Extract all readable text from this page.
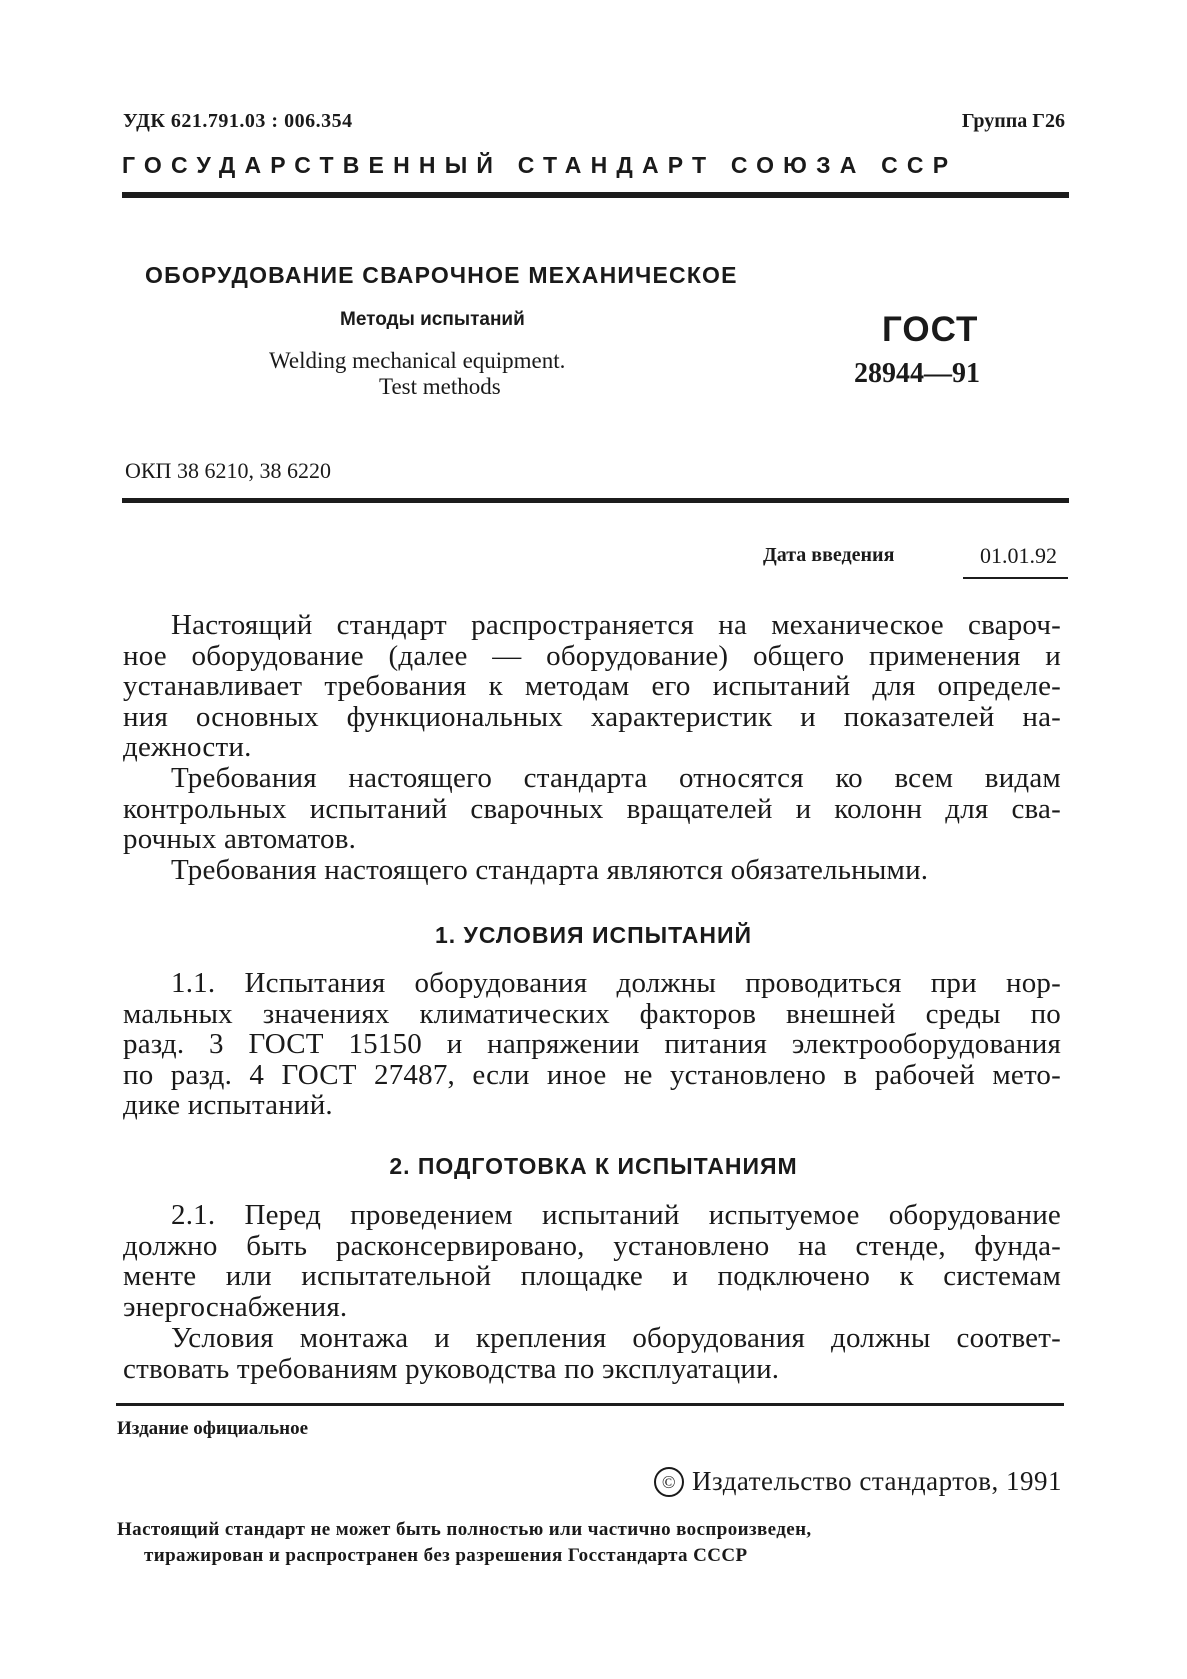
УДК 621.791.03 : 006.354	Группа Г26
ГОСУДАРСТВЕННЫЙ СТАНДАРТ СОЮЗА ССР
ОБОРУДОВАНИЕ СВАРОЧНОЕ МЕХАНИЧЕСКОЕ
Методы испытаний
Welding mechanical equipment.
Test methods
ГОСТ
28944—91
ОКП 38 6210, 38 6220
Дата введения	01.01.92
Настоящий стандарт распространяется на механическое свароч-
ное оборудование (далее — оборудование) общего применения и
устанавливает требования к методам его испытаний для определе-
ния основных функциональных характеристик и показателей на-
дежности.
Требования настоящего стандарта относятся ко всем видам
контрольных испытаний сварочных вращателей и колонн для сва-
рочных автоматов.
Требования настоящего стандарта являются обязательными.
1. УСЛОВИЯ ИСПЫТАНИЙ
1.1. Испытания оборудования должны проводиться при нор-
мальных значениях климатических факторов внешней среды по
разд. 3 ГОСТ 15150 и напряжении питания электрооборудования
по разд. 4 ГОСТ 27487, если иное не установлено в рабочей мето-
дике испытаний.
2. ПОДГОТОВКА К ИСПЫТАНИЯМ
2.1. Перед проведением испытаний испытуемое оборудование
должно быть расконсервировано, установлено на стенде, фунда-
менте или испытательной площадке и подключено к системам
энергоснабжения.
Условия монтажа и крепления оборудования должны соответ-
ствовать требованиям руководства по эксплуатации.
Издание официальное
© Издательство стандартов, 1991
Настоящий стандарт не может быть полностью или частично воспроизведен,
тиражирован и распространен без разрешения Госстандарта СССР
